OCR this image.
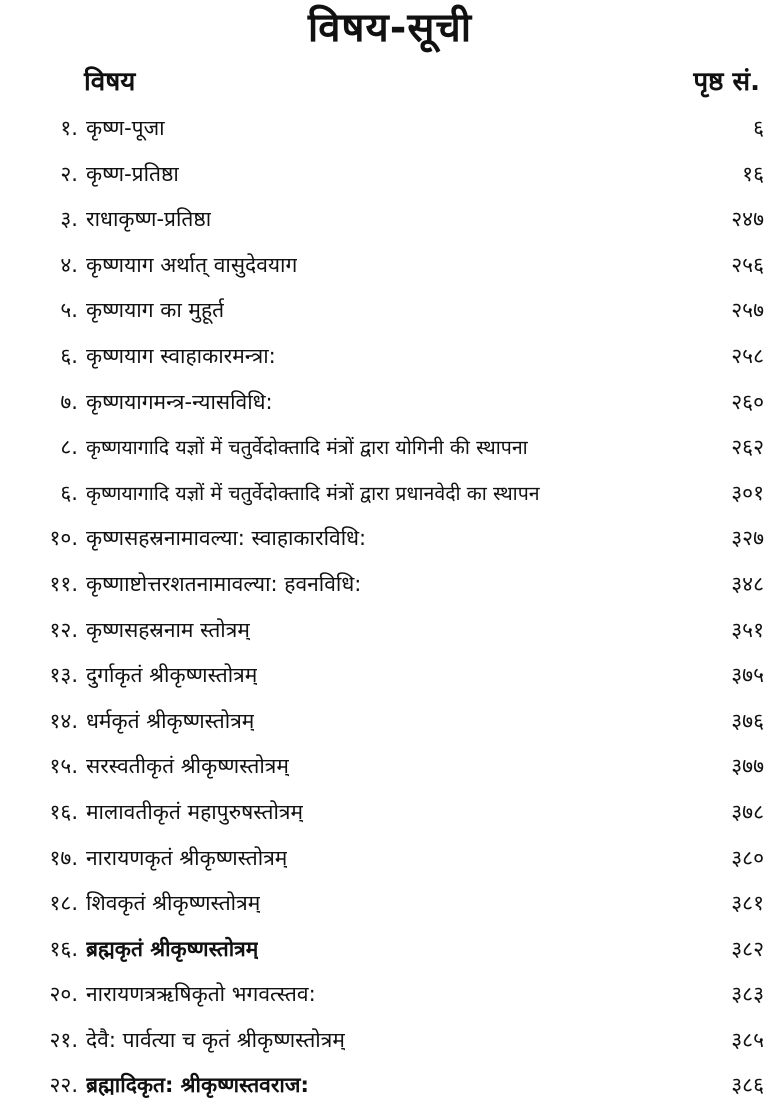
विषय-सूची
विषय	पृष्ठ सं.
१. कृष्ण-पूजा	६
२. कृष्ण-प्रतिष्ठा	१६
३. राधाकृष्ण-प्रतिष्ठा	२४७
४. कृष्णयाग अर्थात् वासुदेवयाग	२५६
५. कृष्णयाग का मुहूर्त	२५७
६. कृष्णयाग स्वाहाकारमन्त्रा:	२५८
७. कृष्णयागमन्त्र-न्यासविधि:	२६०
८. कृष्णयागादि यज्ञों में चतुर्वेदोक्तादि मंत्रों द्वारा योगिनी की स्थापना	२६२
६. कृष्णयागादि यज्ञों में चतुर्वेदोक्तादि मंत्रों द्वारा प्रधानवेदी का स्थापन	३०१
१०. कृष्णसहस्रनामावल्या: स्वाहाकारविधि:	३२७
११. कृष्णाष्टोत्तरशतनामावल्या: हवनविधि:	३४८
१२. कृष्णसहस्रनाम स्तोत्रम्	३५१
१३. दुर्गाकृतं श्रीकृष्णस्तोत्रम्	३७५
१४. धर्मकृतं श्रीकृष्णस्तोत्रम्	३७६
१५. सरस्वतीकृतं श्रीकृष्णस्तोत्रम्	३७७
१६. मालावतीकृतं महापुरुषस्तोत्रम्	३७८
१७. नारायणकृतं श्रीकृष्णस्तोत्रम्	३८०
१८. शिवकृतं श्रीकृष्णस्तोत्रम्	३८१
१६. ब्रह्मकृतं श्रीकृष्णस्तोत्रम्	३८२
२०. नारायणत्रऋषिकृतो भगवत्स्तव:	३८३
२१. देवै: पार्वत्या च कृतं श्रीकृष्णस्तोत्रम्	३८५
२२. ब्रह्मादिकृत: श्रीकृष्णस्तवराज:	३८६
